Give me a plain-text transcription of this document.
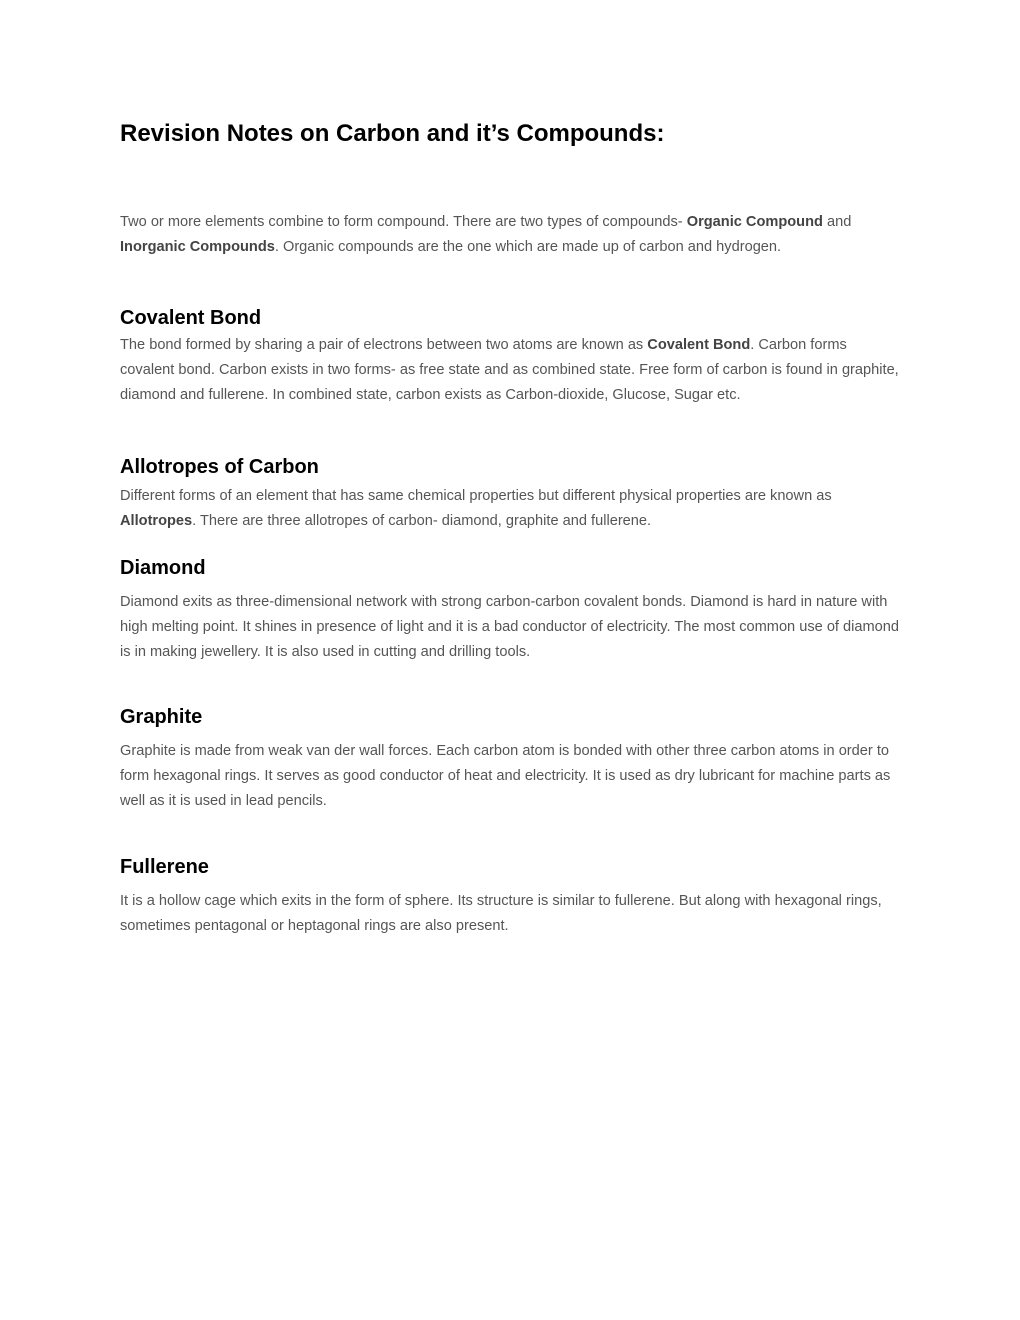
Revision Notes on Carbon and it’s Compounds:

Two or more elements combine to form compound. There are two types of compounds- Organic Compound and Inorganic Compounds. Organic compounds are the one which are made up of carbon and hydrogen.

Covalent Bond

The bond formed by sharing a pair of electrons between two atoms are known as Covalent Bond. Carbon forms covalent bond. Carbon exists in two forms- as free state and as combined state. Free form of carbon is found in graphite, diamond and fullerene. In combined state, carbon exists as Carbon-dioxide, Glucose, Sugar etc.

Allotropes of Carbon

Different forms of an element that has same chemical properties but different physical properties are known as Allotropes. There are three allotropes of carbon- diamond, graphite and fullerene.

Diamond

Diamond exits as three-dimensional network with strong carbon-carbon covalent bonds. Diamond is hard in nature with high melting point. It shines in presence of light and it is a bad conductor of electricity. The most common use of diamond is in making jewellery. It is also used in cutting and drilling tools.

Graphite

Graphite is made from weak van der wall forces. Each carbon atom is bonded with other three carbon atoms in order to form hexagonal rings. It serves as good conductor of heat and electricity. It is used as dry lubricant for machine parts as well as it is used in lead pencils.

Fullerene

It is a hollow cage which exits in the form of sphere. Its structure is similar to fullerene. But along with hexagonal rings, sometimes pentagonal or heptagonal rings are also present.
